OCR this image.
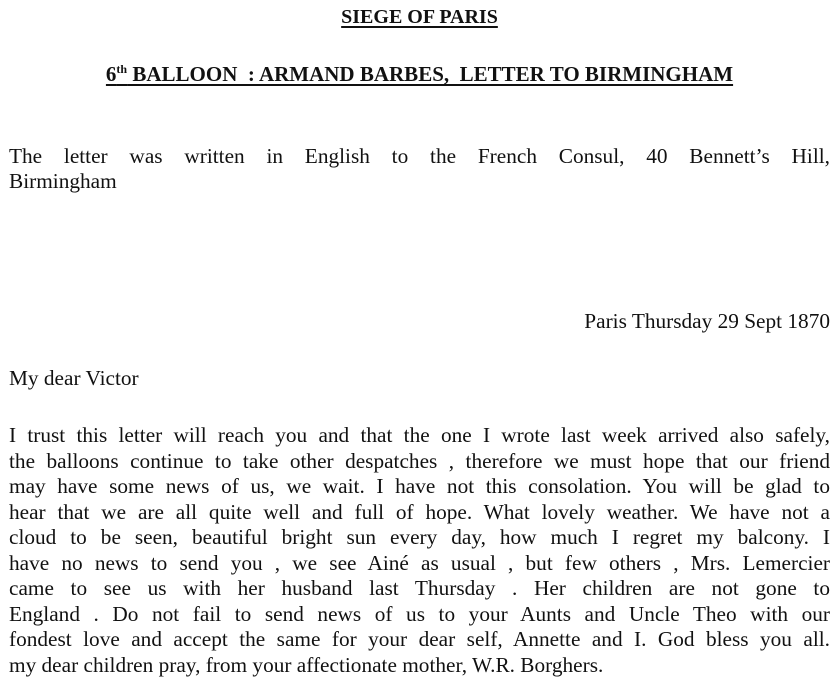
SIEGE OF PARIS
6th BALLOON  : ARMAND BARBES,  LETTER TO BIRMINGHAM
The letter was written in English to the French Consul, 40 Bennett’s Hill,
Birmingham
Paris Thursday 29 Sept 1870
My dear Victor
I trust this letter will reach you and that the one I wrote last week arrived also safely,
the balloons continue to take other despatches , therefore we must hope that our friend
may have some news of us, we wait. I have not this consolation. You will be glad to
hear that we are all quite well and full of hope. What lovely weather. We have not a
cloud to be seen, beautiful bright sun every day, how much I regret my balcony. I
have no news to send you , we see Ainé as usual , but few others , Mrs. Lemercier
came to see us with her husband last Thursday . Her children are not gone to
England . Do not fail to send news of us to your Aunts and Uncle Theo with our
fondest love and accept the same for your dear self, Annette and I. God bless you all.
my dear children pray, from your affectionate mother, W.R. Borghers.
